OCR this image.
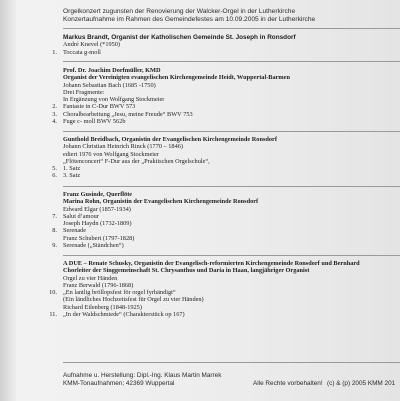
Orgelkonzert zugunsten der Renovierung der Walcker-Orgel in der Lutherkirche
Konzertaufnahme im Rahmen des Gemeindefestes am 10.09.2005 in der Lutherkirche
Markus Brandt, Organist der Katholischen Gemeinde St. Joseph in Ronsdorf
André Knevel (*1950)
1. Toccata g-moll
Prof. Dr. Joachim Dorfmüller, KMD
Organist der Vereinigten evangelischen Kirchengemeinde Heidt, Wuppertal-Barmen
Johann Sebastian Bach (1685 -1750)
Drei Fragmente:
In Ergänzung von Wolfgang Stockmeier
2. Fantasie in C-Dur BWV 573
3. Choralbearbeitung „Jesu, meine Freude“ BWV 753
4. Fuge c- moll BWV 562b
Gunthold Breidbach, Organistin der Evangelischen Kirchengemeinde Ronsdorf
Johann Christian Heinrich Rinck (1770 – 1846)
ediert 1976 von Wolfgang Stockmeier
„Flötenconcert“ F-Dur aus der „Praktischen Orgelschule“,
5. 1. Satz
6. 3. Satz
Franz Gusinde, Querflöte
Marina Rohn, Organistin der Evangelischen Kirchengemeinde Ronsdorf
Edward Elgar (1857-1934)
7. Salut d’amour
Joseph Haydn (1732-1809)
8. Serenade
Franz Schubert (1797-1828)
9. Serenade („Ständchen“)
A DUE – Renate Schusky, Organistin der Evangelisch-reformierten Kirchengemeinde Ronsdorf und Bernhard
Chorleiter der Singgemeinschaft St. Chrysanthus und Daria in Haan, langjähriger Organist
Orgel zu vier Händen
Franz Berwald (1796-1868)
10. „En lantlig bröllopsfest för orgel fyrhändigt“
(Ein ländliches Hochzeitsfest für Orgel zu vier Händen)
Richard Eilenberg (1848-1925)
11. „In der Waldschmiede“ (Charakterstück op 167)
Aufnahme u. Herstellung: Dipl.-Ing. Klaus Martin Marrek
KMM-Tonaufnahmen; 42369 Wuppertal	Alle Rechte vorbehalten! (c) & (p) 2005 KMM 201
